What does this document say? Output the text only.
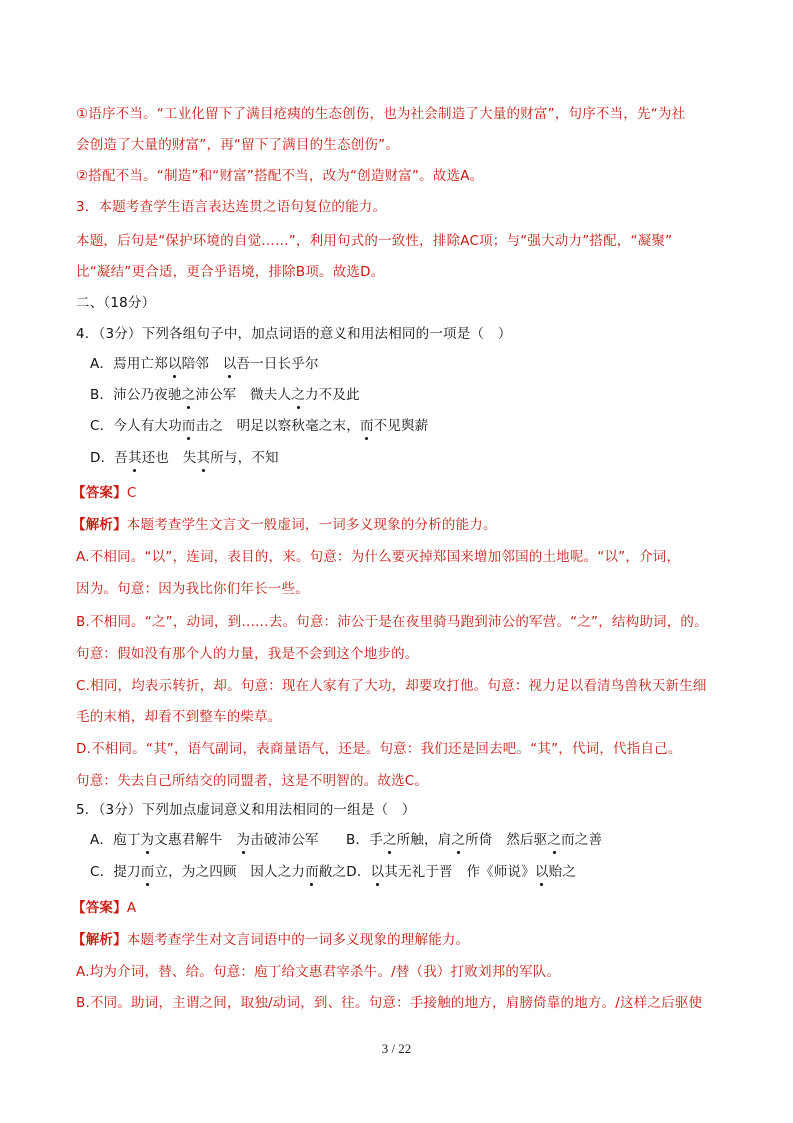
①语序不当。“工业化留下了满目疮痍的生态创伤，也为社会制造了大量的财富”，句序不当，先“为社
会创造了大量的财富”，再“留下了满目的生态创伤”。
②搭配不当。“制造”和“财富”搭配不当，改为“创造财富”。故选A。
3．本题考查学生语言表达连贯之语句复位的能力。
本题，后句是“保护环境的自觉……”，利用句式的一致性，排除AC项；与“强大动力”搭配，“凝聚”
比“凝结”更合适，更合乎语境，排除B项。故选D。
二、（18分）
4．（3分）下列各组句子中，加点词语的意义和用法相同的一项是（　）
A．焉用亡郑以陪邻　以吾一日长乎尔
B．沛公乃夜驰之沛公军　微夫人之力不及此
C．今人有大功而击之　明足以察秋毫之末，而不见舆薪
D．吾其还也　失其所与，不知
【答案】C
【解析】本题考查学生文言文一般虚词，一词多义现象的分析的能力。
A.不相同。“以”，连词，表目的，来。句意：为什么要灭掉郑国来增加邻国的土地呢。“以”，介词，
因为。句意：因为我比你们年长一些。
B.不相同。“之”，动词，到……去。句意：沛公于是在夜里骑马跑到沛公的军营。“之”，结构助词，的。
句意：假如没有那个人的力量，我是不会到这个地步的。
C.相同，均表示转折，却。句意：现在人家有了大功，却要攻打他。句意：视力足以看清鸟兽秋天新生细
毛的末梢，却看不到整车的柴草。
D.不相同。“其”，语气副词，表商量语气，还是。句意：我们还是回去吧。“其”，代词，代指自己。
句意：失去自己所结交的同盟者，这是不明智的。故选C。
5．（3分）下列加点虚词意义和用法相同的一组是（　）
A．庖丁为文惠君解牛　为击破沛公军　　B．手之所触，肩之所倚　然后驱之而之善
C．提刀而立，为之四顾　因人之力而敝之D．以其无礼于晋　作《师说》以贻之
【答案】A
【解析】本题考查学生对文言词语中的一词多义现象的理解能力。
A.均为介词，替、给。句意：庖丁给文惠君宰杀牛。/替（我）打败刘邦的军队。
B.不同。助词，主谓之间，取独/动词，到、往。句意：手接触的地方，肩膀倚靠的地方。/这样之后驱使
3 / 22
